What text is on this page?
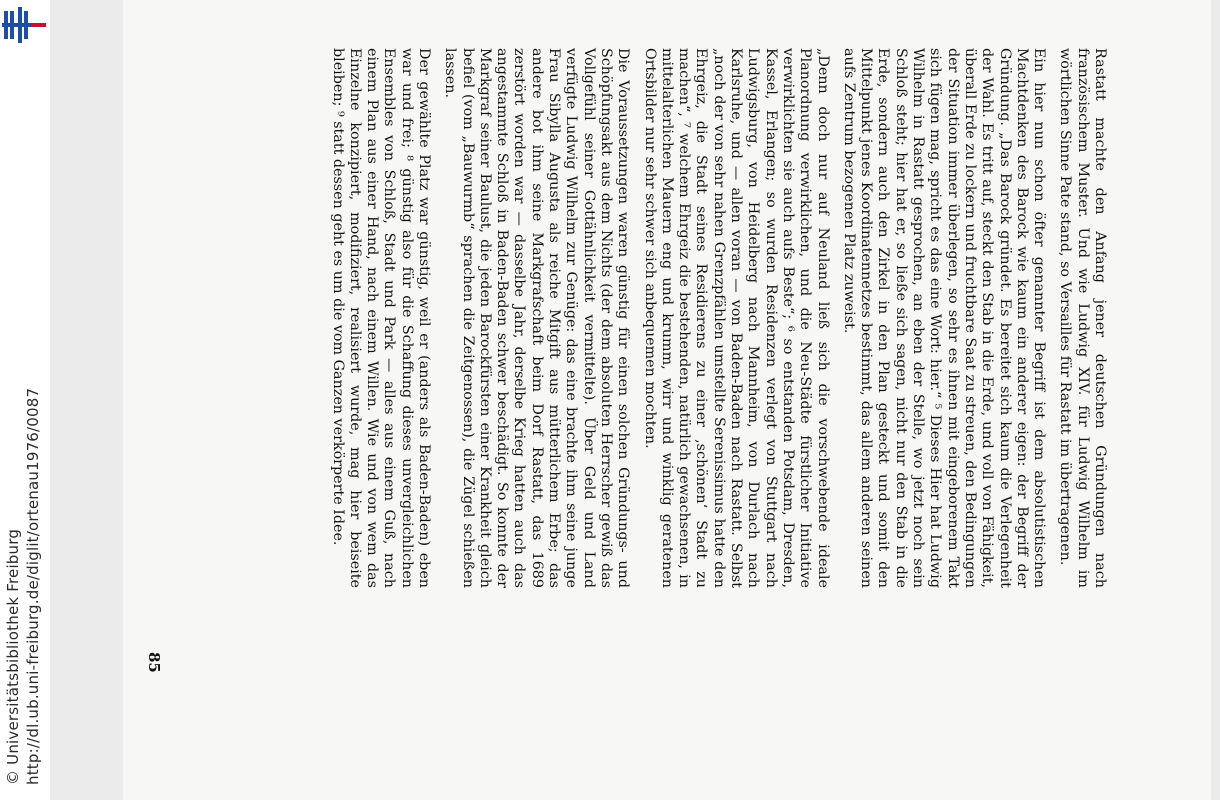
© Universitätsbibliothek Freiburg http://dl.ub.uni-freiburg.de/diglit/ortenau1976/0087	Rastatt machte den Anfang jener deutschen Gründungen nach französischem Muster. Und wie Ludwig XIV. für Ludwig Wilhelm im wörtlichen Sinne Pate stand, so Versailles für Rastatt im übertragenen.

Ein hier nun schon öfter genannter Begriff ist dem absolutistischen Machtdenken des Barock wie kaum ein anderer eigen: der Begriff der Gründung. „Das Barock gründet. Es bereitet sich kaum die Verlegenheit der Wahl. Es tritt auf, steckt den Stab in die Erde, und voll von Fähigkeit, überall Erde zu lockern und fruchtbare Saat zu streuen, den Bedingungen der Situation immer überlegen, so sehr es ihnen mit eingeborenem Takt sich fügen mag, spricht es das eine Wort: hier.“ ⁵ Dieses Hier hat Ludwig Wilhelm in Rastatt gesprochen, an eben der Stelle, wo jetzt noch sein Schloß steht; hier hat er, so ließe sich sagen, nicht nur den Stab in die Erde, sondern auch den Zirkel in den Plan gesteckt und somit den Mittelpunkt jenes Koordinatennetzes bestimmt, das allem anderen seinen aufs Zentrum bezogenen Platz zuweist.

„Denn doch nur auf Neuland ließ sich die vorschwebende ideale Planordnung verwirklichen, und die Neu-Städte fürstlicher Initiative verwirklichten sie auch aufs Beste“; ⁶ so entstanden Potsdam, Dresden, Kassel, Erlangen; so wurden Residenzen verlegt von Stuttgart nach Ludwigsburg, von Heidelberg nach Mannheim, von Durlach nach Karlsruhe, und — allen voran — von Baden-Baden nach Rastatt. Selbst „noch der von sehr nahen Grenzpfählen umstellte Serenissimus hatte den Ehrgeiz, die Stadt seines Residierens zu einer ‚schönen‘ Stadt zu machen“, ⁷ welchem Ehrgeiz die bestehenden, natürlich gewachsenen, in mittelalterlichen Mauern eng und krumm, wirr und winklig geratenen Ortsbilder nur sehr schwer sich anbequemen mochten.

Die Voraussetzungen waren günstig für einen solchen Gründungs- und Schöpfungsakt aus dem Nichts (der dem absoluten Herrscher gewiß das Vollgefühl seiner Gottähnlichkeit vermittelte). Über Geld und Land verfügte Ludwig Wilhelm zur Genüge: das eine brachte ihm seine junge Frau Sibylla Augusta als reiche Mitgift aus mütterlichem Erbe; das andere bot ihm seine Markgrafschaft beim Dorf Rastatt, das 1689 zerstört worden war — dasselbe Jahr, derselbe Krieg hatten auch das angestammte Schloß in Baden-Baden schwer beschädigt. So konnte der Markgraf seiner Baulust, die jeden Barockfürsten einer Krankheit gleich befiel (vom „Bauwurmb“ sprachen die Zeitgenossen), die Zügel schießen lassen.

Der gewählte Platz war günstig, weil er (anders als Baden-Baden) eben war und frei; ⁸ günstig also für die Schaffung dieses unvergleichlichen Ensembles von Schloß, Stadt und Park — alles aus einem Guß, nach einem Plan aus einer Hand, nach einem Willen. Wie und von wem das Einzelne konzipiert, modifiziert, realisiert wurde, mag hier beiseite bleiben; ⁹ statt dessen geht es um die vom Ganzen verkörperte Idee.

85
